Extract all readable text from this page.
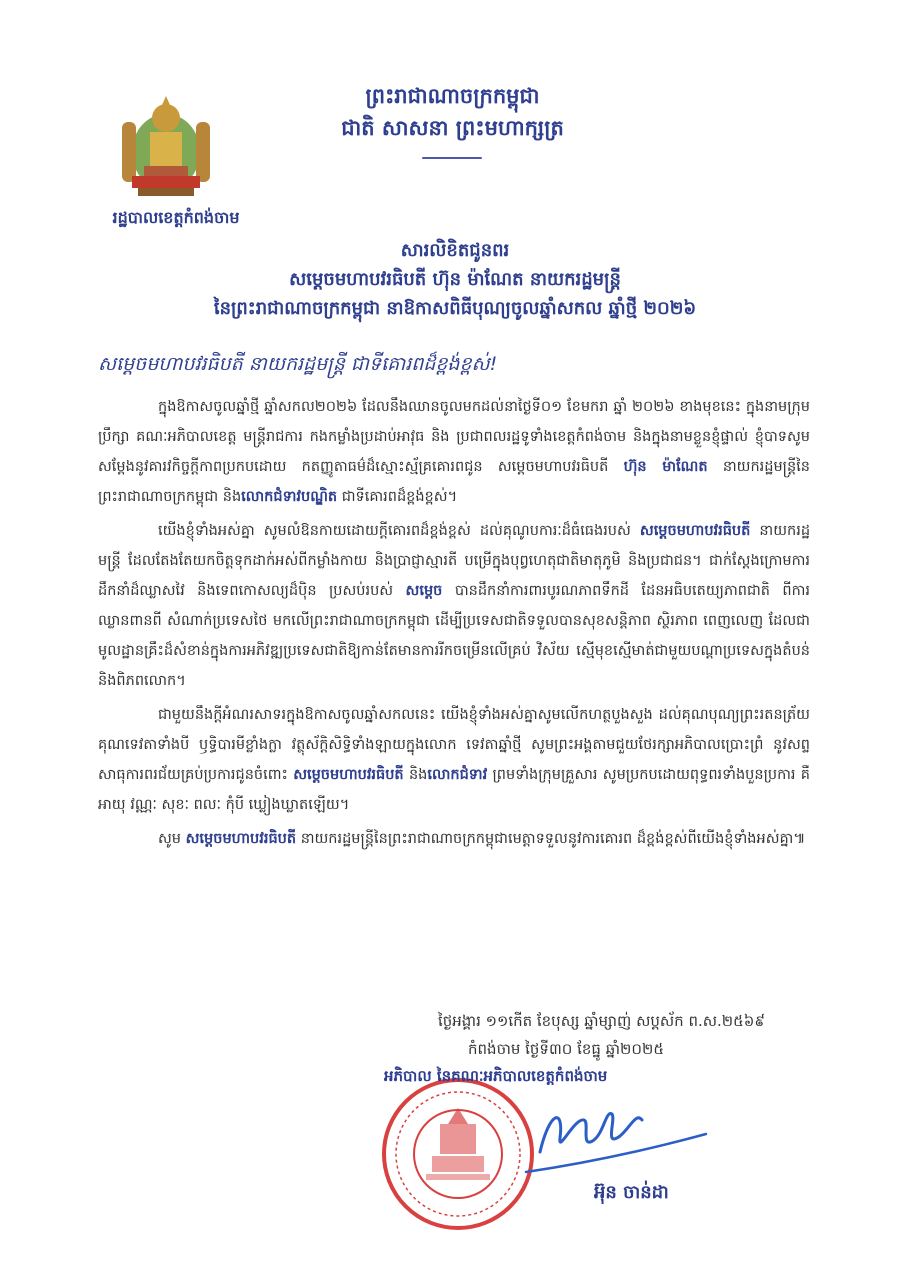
រដ្ឋបាលខេត្តកំពង់ចាម
ព្រះរាជាណាចក្រកម្ពុជា
ជាតិ សាសនា ព្រះមហាក្សត្រ
សារលិខិតជូនពរ
សម្តេចមហាបវរធិបតី ហ៊ុន ម៉ាណែត នាយករដ្ឋមន្ត្រី
នៃព្រះរាជាណាចក្រកម្ពុជា នាឱកាសពិធីបុណ្យចូលឆ្នាំសកល ឆ្នាំថ្មី ២០២៦
សម្តេចមហាបវរធិបតី នាយករដ្ឋមន្ត្រី ជាទីគោរពដ៏ខ្ពង់ខ្ពស់!

ក្នុងឱកាសចូលឆ្នាំថ្មី ឆ្នាំសកល២០២៦ ដែលនឹងឈានចូលមកដល់នាថ្ងៃទី០១ ខែមករា ឆ្នាំ ២០២៦ ខាងមុខនេះ ក្នុងនាមក្រុមប្រឹក្សា គណៈអភិបាលខេត្ត មន្ត្រីរាជការ កងកម្លាំងប្រដាប់អាវុធ និង ប្រជាពលរដ្ឋទូទាំងខេត្តកំពង់ចាម និងក្នុងនាមខ្លួនខ្ញុំផ្ទាល់ ខ្ញុំបាទសូមសម្តែងនូវគារវកិច្ចក្តីកាពប្រកបដោយ កតញ្ញូតាធម៌ដ៏ស្មោះស្ម័គ្រគោរពជូន សម្តេចមហាបវរធិបតី ហ៊ុន ម៉ាណែត នាយករដ្ឋមន្ត្រីនៃ ព្រះរាជាណាចក្រកម្ពុជា និងលោកជំទាវបណ្ឌិត ជាទីគោរពដ៏ខ្ពង់ខ្ពស់។

យើងខ្ញុំទាំងអស់គ្នា សូមលំឱនកាយដោយក្តីគោរពដ៏ខ្ពង់ខ្ពស់ ដល់គុណូបការៈដ៏ធំធេងរបស់ សម្តេចមហាបវរធិបតី នាយករដ្ឋមន្ត្រី ដែលតែងតែយកចិត្តទុកដាក់អស់ពីកម្លាំងកាយ និងប្រាជ្ញាស្មារតី បម្រើក្នុងបុព្វហេតុជាតិមាតុភូមិ និងប្រជាជន។ ជាក់ស្តែងក្រោមការដឹកនាំដ៏ឈ្លាសវៃ និងទេពកោសល្យដ៏ប៉ិន ប្រសប់របស់ សម្តេច បានដឹកនាំការពារបូរណភាពទឹកដី ដែនអធិបតេយ្យភាពជាតិ ពីការឈ្លានពានពី សំណាក់ប្រទេសថៃ មកលើព្រះរាជាណាចក្រកម្ពុជា ដើម្បីប្រទេសជាតិទទួលបានសុខសន្តិភាព ស្ថិរភាព ពេញលេញ ដែលជាមូលដ្ឋានគ្រឹះដ៏សំខាន់ក្នុងការអភិវឌ្ឍប្រទេសជាតិឱ្យកាន់តែមានការរីកចម្រើនលើគ្រប់ វិស័យ ស្មើមុខស្មើមាត់ជាមួយបណ្តាប្រទេសក្នុងតំបន់ និងពិភពលោក។

ជាមួយនឹងក្តីអំណរសាទរក្នុងឱកាសចូលឆ្នាំសកលនេះ យើងខ្ញុំទាំងអស់គ្នាសូមលើកហត្ថបួងសួង ដល់គុណបុណ្យព្រះរតនត្រ័យ គុណទេវតាទាំងបី ឫទ្ធិបារមីខ្លាំងក្លា វត្ថុស័ក្តិសិទ្ធិទាំងឡាយក្នុងលោក ទេវតាឆ្នាំថ្មី សូមព្រះអង្គតាមជួយថែរក្សាអភិបាលប្រោះព្រំ នូវសព្ទសាធុការពរជ័យគ្រប់ប្រការជូនចំពោះ សម្តេចមហាបវរធិបតី និងលោកជំទាវ ព្រមទាំងក្រុមគ្រួសារ សូមប្រកបដោយពុទ្ធពរទាំងបួនប្រការ គឺអាយុ វណ្ណៈ សុខៈ ពលៈ កុំបី ឃ្លៀងឃ្លាតឡើយ។

សូម សម្តេចមហាបវរធិបតី នាយករដ្ឋមន្ត្រីនៃព្រះរាជាណាចក្រកម្ពុជាមេត្តាទទួលនូវការគោរព ដ៏ខ្ពង់ខ្ពស់ពីយើងខ្ញុំទាំងអស់គ្នា៕

ថ្ងៃអង្គារ ១១កើត ខែបុស្ស ឆ្នាំម្សាញ់ សប្តស័ក ព.ស.២៥៦៩
កំពង់ចាម ថ្ងៃទី៣០ ខែធ្នូ ឆ្នាំ២០២៥
អភិបាល នៃគណៈអភិបាលខេត្តកំពង់ចាម
អ៊ុន ចាន់ដា
